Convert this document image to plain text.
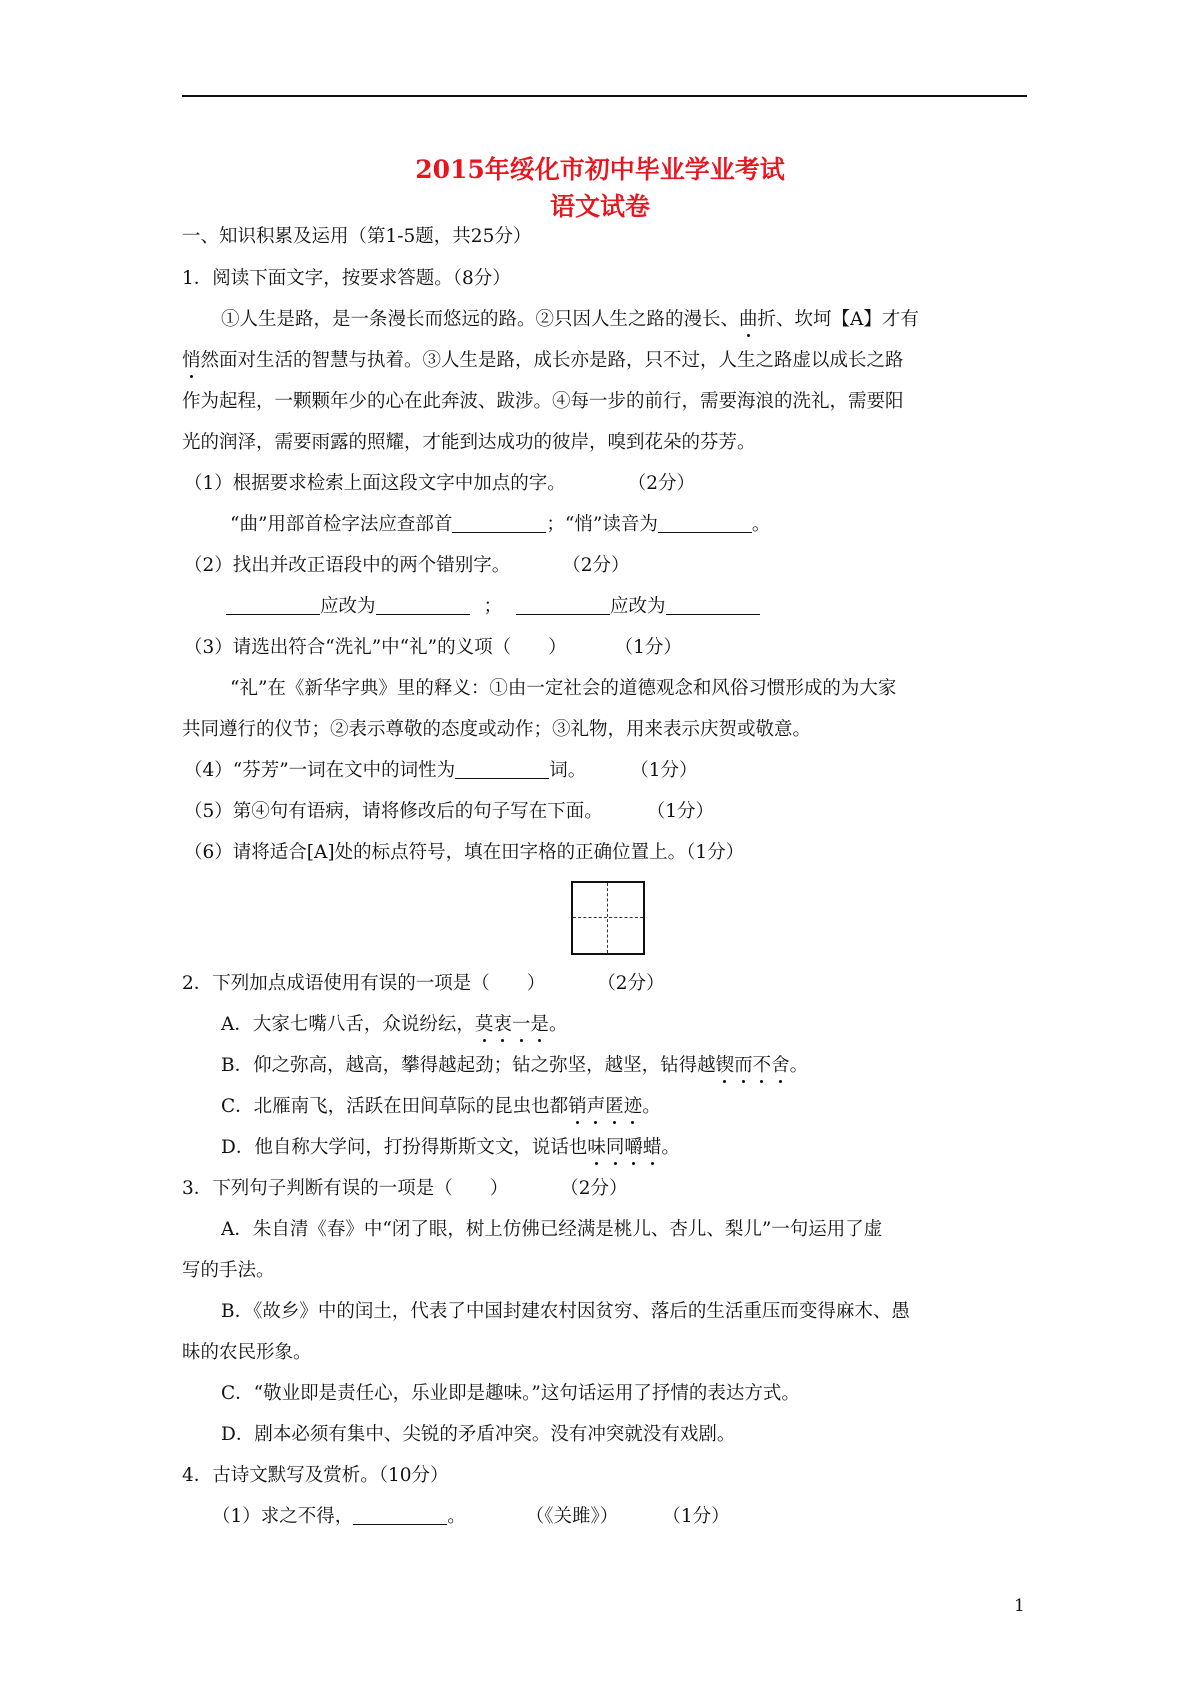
2015年绥化市初中毕业学业考试
语文试卷
一、知识积累及运用（第1-5题，共25分）
1．阅读下面文字，按要求答题。（8分）
①人生是路，是一条漫长而悠远的路。②只因人生之路的漫长、曲折、坎坷【A】才有
悄然面对生活的智慧与执着。③人生是路，成长亦是路，只不过，人生之路虚以成长之路
作为起程，一颗颗年少的心在此奔波、跋涉。④每一步的前行，需要海浪的洗礼，需要阳
光的润泽，需要雨露的照耀，才能到达成功的彼岸，嗅到花朵的芬芳。
（1）根据要求检索上面这段文字中加点的字。	（2分）
“曲”用部首检字法应查部首	；“悄”读音为	。
（2）找出并改正语段中的两个错别字。	（2分）
应改为	；	应改为
（3）请选出符合“洗礼”中“礼”的义项（　　）	（1分）
“礼”在《新华字典》里的释义：①由一定社会的道德观念和风俗习惯形成的为大家
共同遵行的仪节；②表示尊敬的态度或动作；③礼物，用来表示庆贺或敬意。
（4）“芬芳”一词在文中的词性为	词。 （1分）
（5）第④句有语病，请将修改后的句子写在下面。 （1分）
（6）请将适合[A]处的标点符号，填在田字格的正确位置上。（1分）
2．下列加点成语使用有误的一项是（　　）	（2分）
A．大家七嘴八舌，众说纷纭，莫衷一是。
B．仰之弥高，越高，攀得越起劲；钻之弥坚，越坚，钻得越锲而不舍。
C．北雁南飞，活跃在田间草际的昆虫也都销声匿迹。
D．他自称大学问，打扮得斯斯文文，说话也味同嚼蜡。
3．下列句子判断有误的一项是（　　）	（2分）
A．朱自清《春》中“闭了眼，树上仿佛已经满是桃儿、杏儿、梨儿”一句运用了虚
写的手法。
B．《故乡》中的闰土，代表了中国封建农村因贫穷、落后的生活重压而变得麻木、愚
昧的农民形象。
C．“敬业即是责任心，乐业即是趣味。”这句话运用了抒情的表达方式。
D．剧本必须有集中、尖锐的矛盾冲突。没有冲突就没有戏剧。
4．古诗文默写及赏析。（10分）
（1）求之不得，	。	（《关雎》） （1分）
1
